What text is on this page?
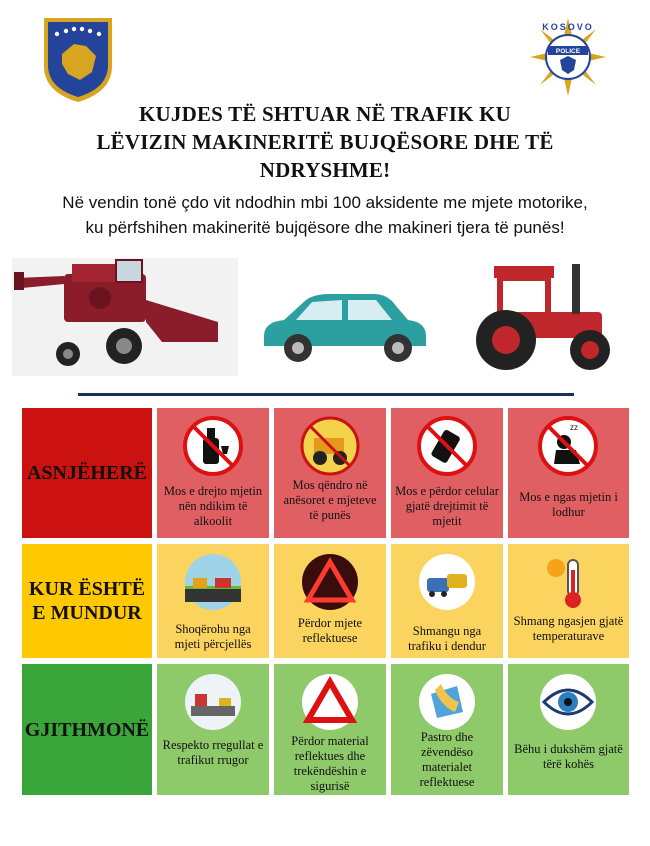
KOSOVO
POLICE
KUJDES TË SHTUAR NË TRAFIK KU
LËVIZIN MAKINERITË BUJQËSORE DHE TË
NDRYSHME!
Në vendin tonë çdo vit ndodhin mbi 100 aksidente me mjete motorike,
ku përfshihen makineritë bujqësore dhe makineri tjera të punës!
ASNJËHERË
Mos e drejto mjetin nën ndikim të alkoolit
Mos qëndro në anësoret e mjeteve të punës
Mos e përdor celular gjatë drejtimit të mjetit
zz
Mos e ngas mjetin i lodhur
KUR ËSHTË E MUNDUR
Shoqërohu nga mjeti përcjellës
Përdor mjete reflektuese	Shmangu nga trafiku i dendur
Shmang ngasjen gjatë temperaturave
GJITHMONË
Respekto rregullat e trafikut rrugor
Përdor material reflektues dhe trekëndëshin e sigurisë
Pastro dhe zëvendëso materialet reflektuese
Bëhu i dukshëm gjatë tërë kohës
